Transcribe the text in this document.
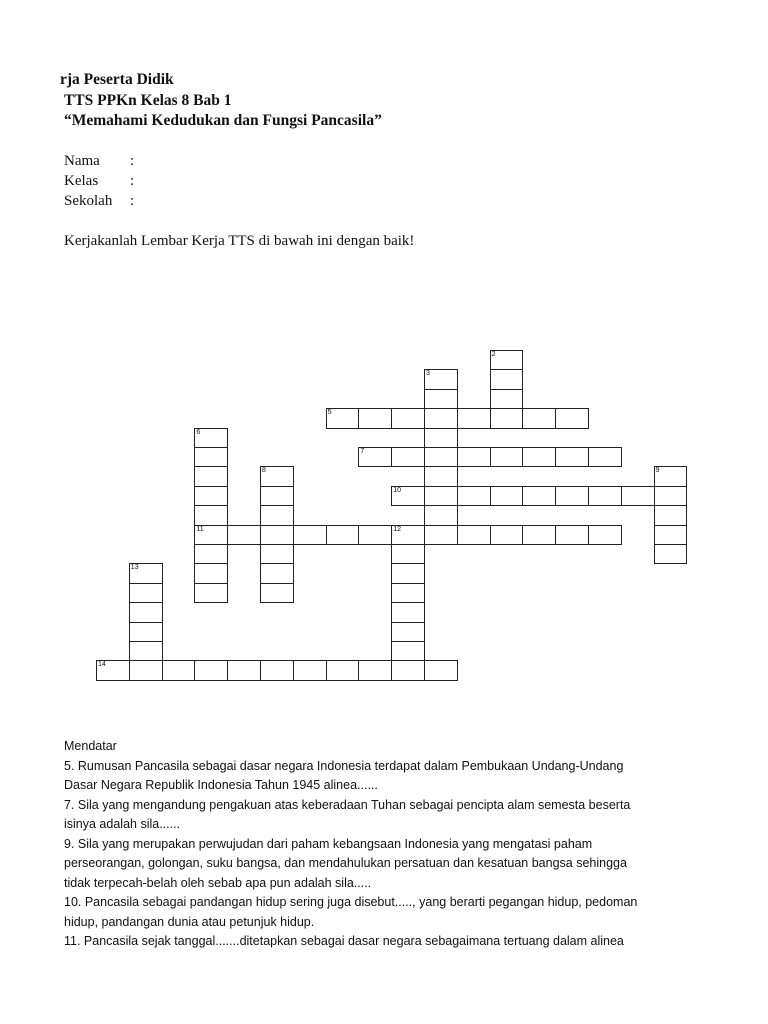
rja Peserta Didik
TTS PPKn Kelas 8 Bab 1
“Memahami Kedudukan dan Fungsi Pancasila”
Nama :
Kelas :
Sekolah :
Kerjakanlah Lembar Kerja TTS di bawah ini dengan baik!
5
7
10
11	12
14
2
3
6
8	9
13

Mendatar

5. Rumusan Pancasila sebagai dasar negara Indonesia terdapat dalam Pembukaan Undang-Undang

Dasar Negara Republik Indonesia Tahun 1945 alinea......

7. Sila yang mengandung pengakuan atas keberadaan Tuhan sebagai pencipta alam semesta beserta

isinya adalah sila......

9. Sila yang merupakan perwujudan dari paham kebangsaan Indonesia yang mengatasi paham

perseorangan, golongan, suku bangsa, dan mendahulukan persatuan dan kesatuan bangsa sehingga

tidak terpecah-belah oleh sebab apa pun adalah sila.....

10. Pancasila sebagai pandangan hidup sering juga disebut....., yang berarti pegangan hidup, pedoman

hidup, pandangan dunia atau petunjuk hidup.

11. Pancasila sejak tanggal.......ditetapkan sebagai dasar negara sebagaimana tertuang dalam alinea
